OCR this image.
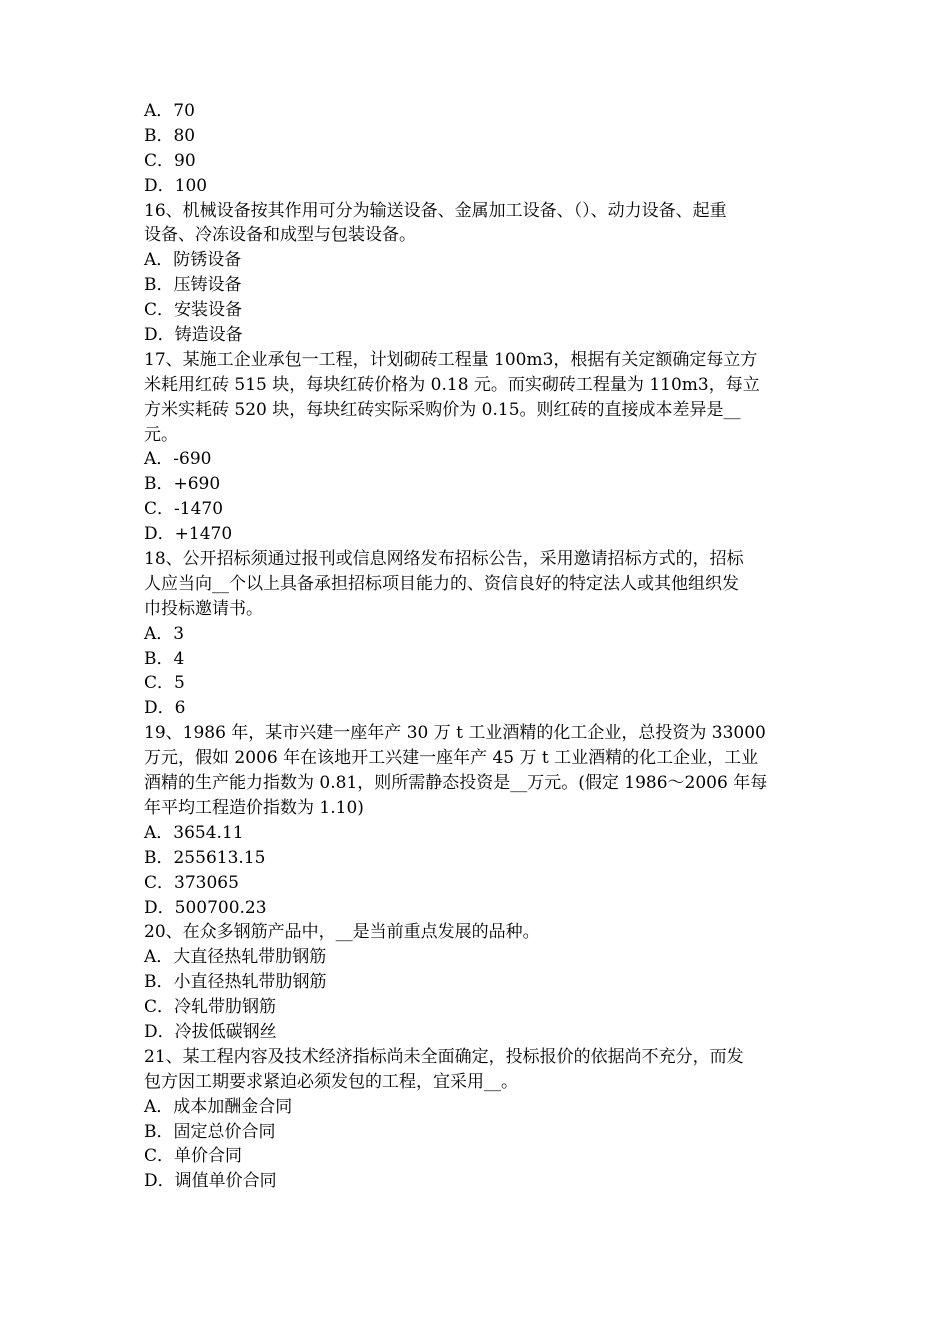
A．70
B．80
C．90
D．100
16、机械设备按其作用可分为输送设备、金属加工设备、（）、动力设备、起重
设备、冷冻设备和成型与包装设备。
A．防锈设备
B．压铸设备
C．安装设备
D．铸造设备
17、某施工企业承包一工程，计划砌砖工程量 100m3，根据有关定额确定每立方
米耗用红砖 515 块，每块红砖价格为 0.18 元。而实砌砖工程量为 110m3，每立
方米实耗砖 520 块，每块红砖实际采购价为 0.15。则红砖的直接成本差异是__
元。
A．-690
B．+690
C．-1470
D．+1470
18、公开招标须通过报刊或信息网络发布招标公告，采用邀请招标方式的，招标
人应当向__个以上具备承担招标项目能力的、资信良好的特定法人或其他组织发
巾投标邀请书。
A．3
B．4
C．5
D．6
19、1986 年，某市兴建一座年产 30 万 t 工业酒精的化工企业，总投资为 33000
万元，假如 2006 年在该地开工兴建一座年产 45 万 t 工业酒精的化工企业，工业
酒精的生产能力指数为 0.81，则所需静态投资是__万元。(假定 1986～2006 年每
年平均工程造价指数为 1.10)
A．3654.11
B．255613.15
C．373065
D．500700.23
20、在众多钢筋产品中，__是当前重点发展的品种。
A．大直径热轧带肋钢筋
B．小直径热轧带肋钢筋
C．冷轧带肋钢筋
D．冷拔低碳钢丝
21、某工程内容及技术经济指标尚未全面确定，投标报价的依据尚不充分，而发
包方因工期要求紧迫必须发包的工程，宜采用__。
A．成本加酬金合同
B．固定总价合同
C．单价合同
D．调值单价合同
